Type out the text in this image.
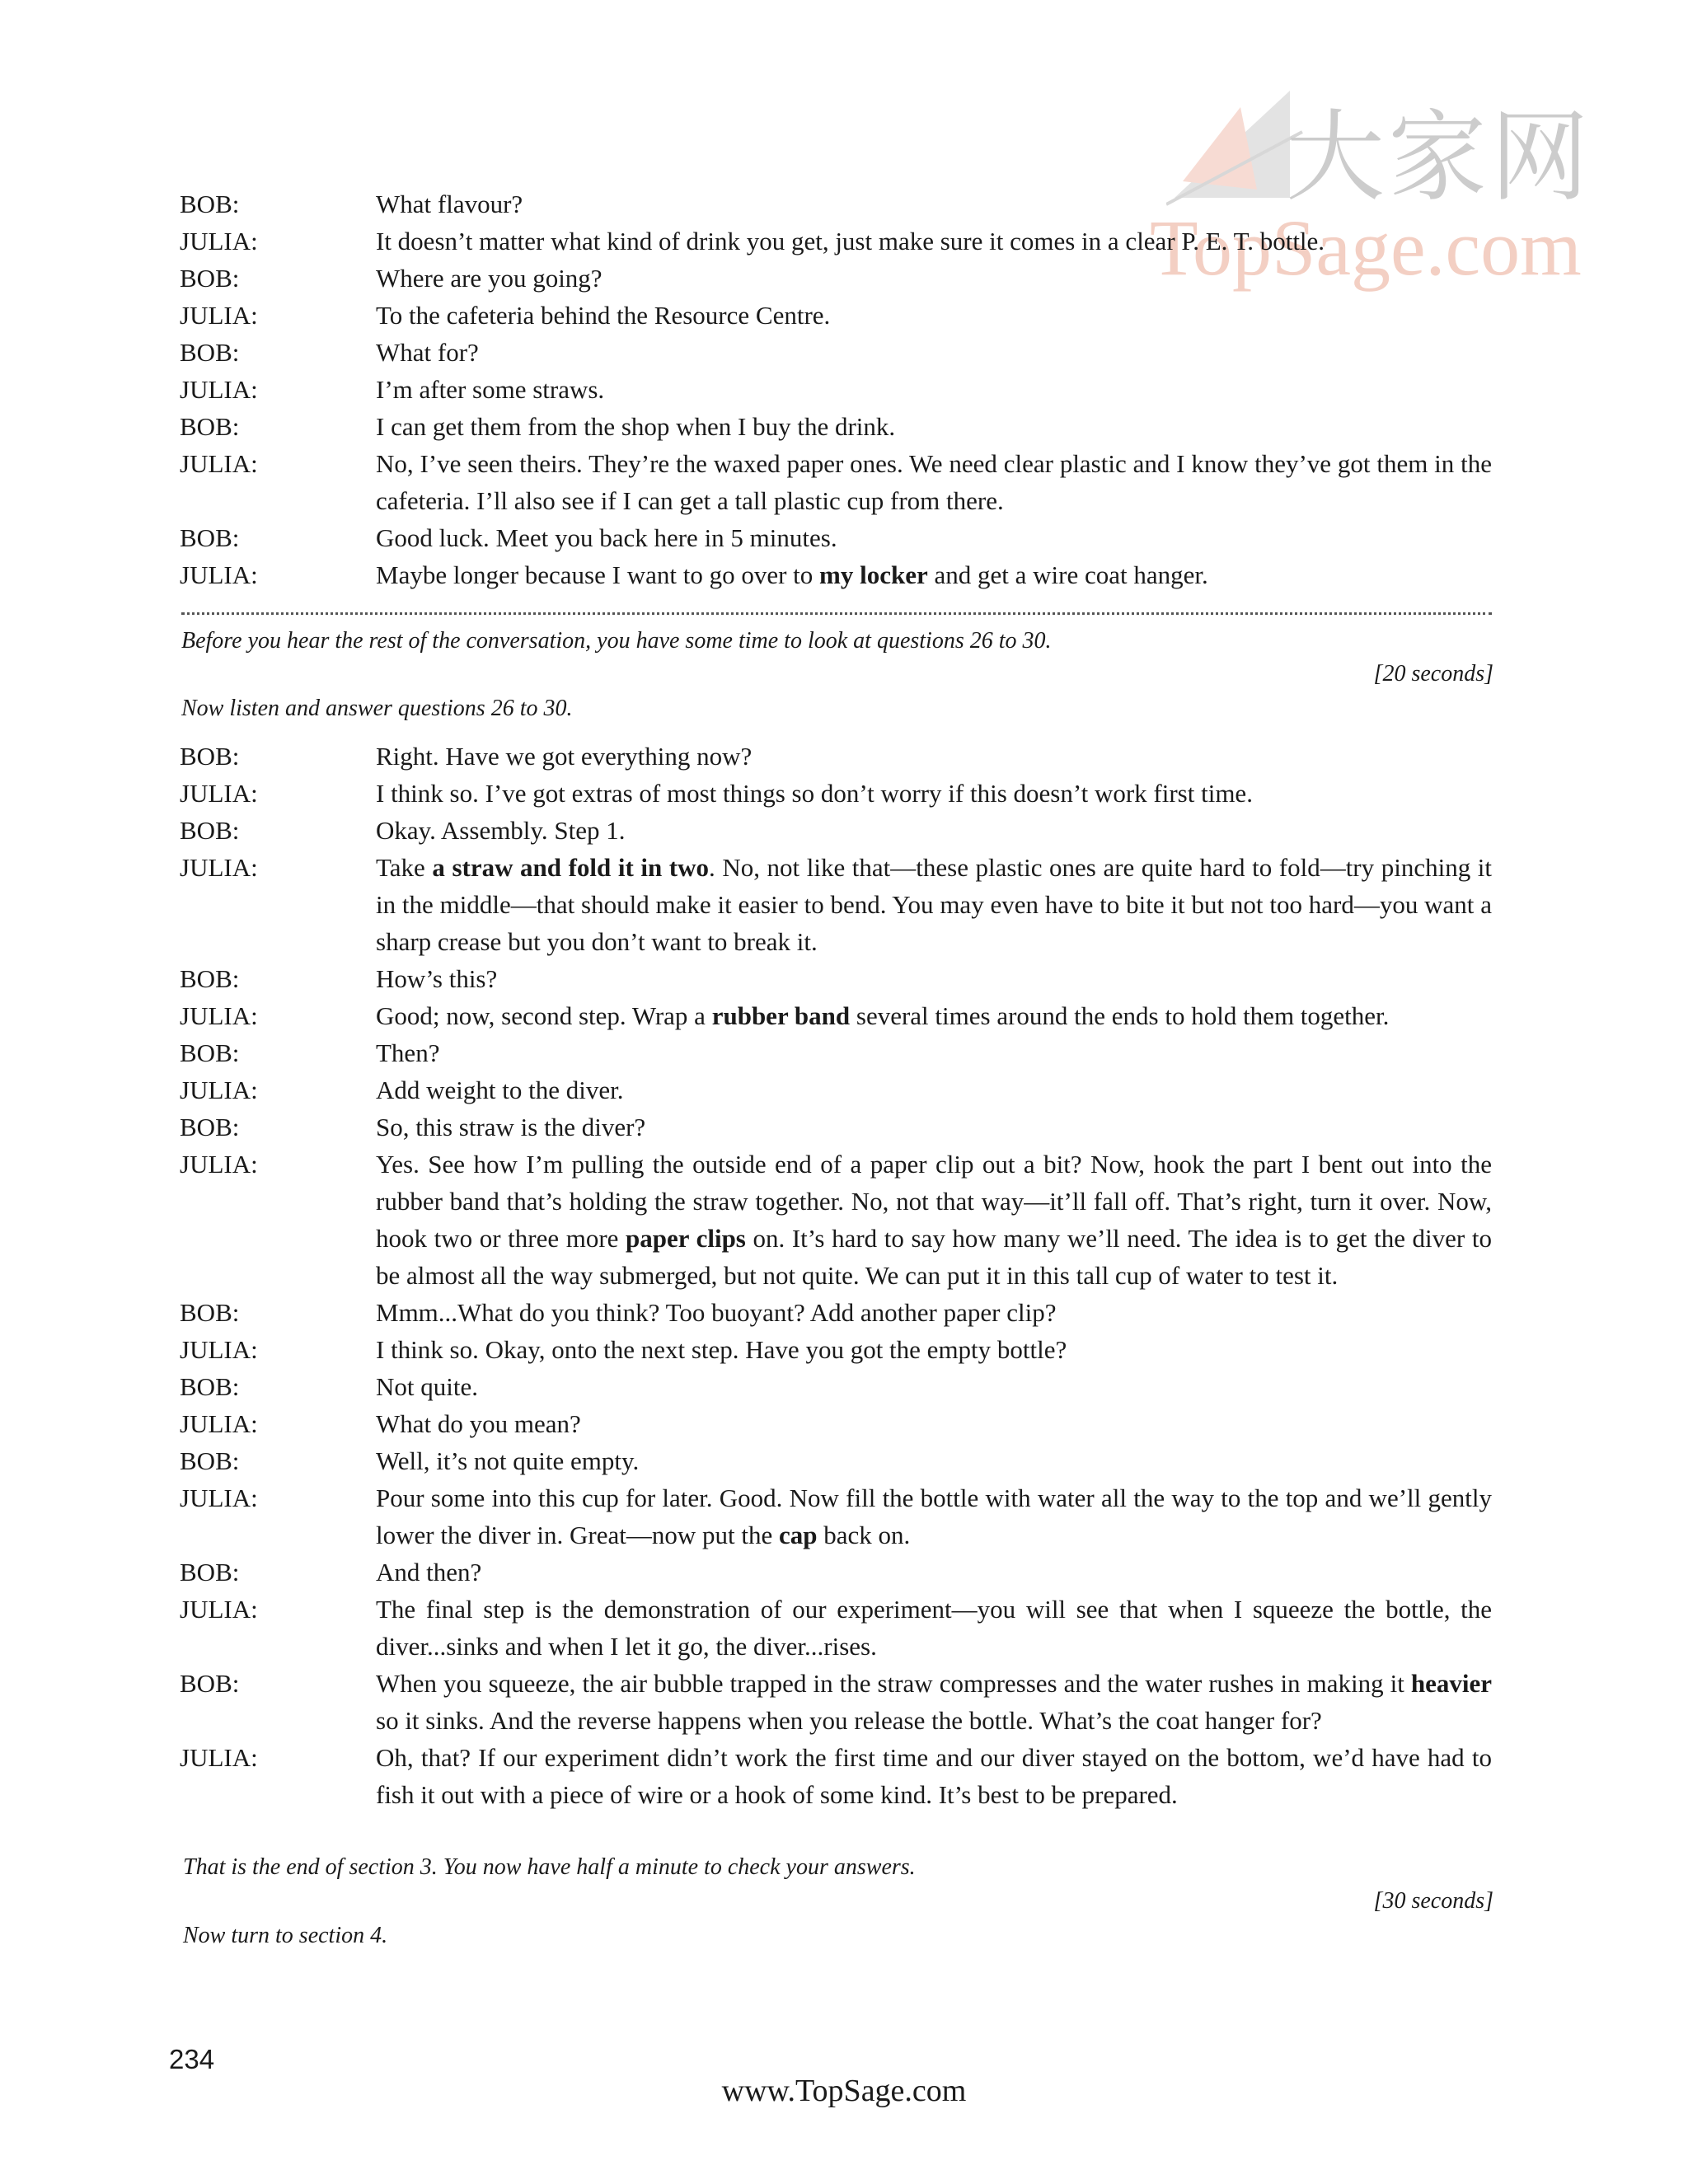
大家网
TopSage.com
BOB:	What flavour?
JULIA:	It doesn’t matter what kind of drink you get, just make sure it comes in a clear P. E. T. bottle.
BOB:	Where are you going?
JULIA:	To the cafeteria behind the Resource Centre.
BOB:	What for?
JULIA:	I’m after some straws.
BOB:	I can get them from the shop when I buy the drink.
JULIA:	No, I’ve seen theirs. They’re the waxed paper ones. We need clear plastic and I know they’ve got them in the cafeteria. I’ll also see if I can get a tall plastic cup from there.
BOB:	Good luck. Meet you back here in 5 minutes.
JULIA:	Maybe longer because I want to go over to my locker and get a wire coat hanger.
Before you hear the rest of the conversation, you have some time to look at questions 26 to 30.
[20 seconds]
Now listen and answer questions 26 to 30.
BOB:	Right. Have we got everything now?
JULIA:	I think so. I’ve got extras of most things so don’t worry if this doesn’t work first time.
BOB:	Okay. Assembly. Step 1.
JULIA:	Take a straw and fold it in two. No, not like that—these plastic ones are quite hard to fold—try pinching it in the middle—that should make it easier to bend. You may even have to bite it but not too hard—you want a sharp crease but you don’t want to break it.
BOB:	How’s this?
JULIA:	Good; now, second step. Wrap a rubber band several times around the ends to hold them together.
BOB:	Then?
JULIA:	Add weight to the diver.
BOB:	So, this straw is the diver?
JULIA:	Yes. See how I’m pulling the outside end of a paper clip out a bit? Now, hook the part I bent out into the rubber band that’s holding the straw together. No, not that way—it’ll fall off. That’s right, turn it over. Now, hook two or three more paper clips on. It’s hard to say how many we’ll need. The idea is to get the diver to be almost all the way submerged, but not quite. We can put it in this tall cup of water to test it.
BOB:	Mmm...What do you think? Too buoyant? Add another paper clip?
JULIA:	I think so. Okay, onto the next step. Have you got the empty bottle?
BOB:	Not quite.
JULIA:	What do you mean?
BOB:	Well, it’s not quite empty.
JULIA:	Pour some into this cup for later. Good. Now fill the bottle with water all the way to the top and we’ll gently lower the diver in. Great—now put the cap back on.
BOB:	And then?
JULIA:	The final step is the demonstration of our experiment—you will see that when I squeeze the bottle, the diver...sinks and when I let it go, the diver...rises.
BOB:	When you squeeze, the air bubble trapped in the straw compresses and the water rushes in making it heavier so it sinks. And the reverse happens when you release the bottle. What’s the coat hanger for?
JULIA:	Oh, that? If our experiment didn’t work the first time and our diver stayed on the bottom, we’d have had to fish it out with a piece of wire or a hook of some kind. It’s best to be prepared.
That is the end of section 3. You now have half a minute to check your answers.
[30 seconds]
Now turn to section 4.
234
www.TopSage.com
